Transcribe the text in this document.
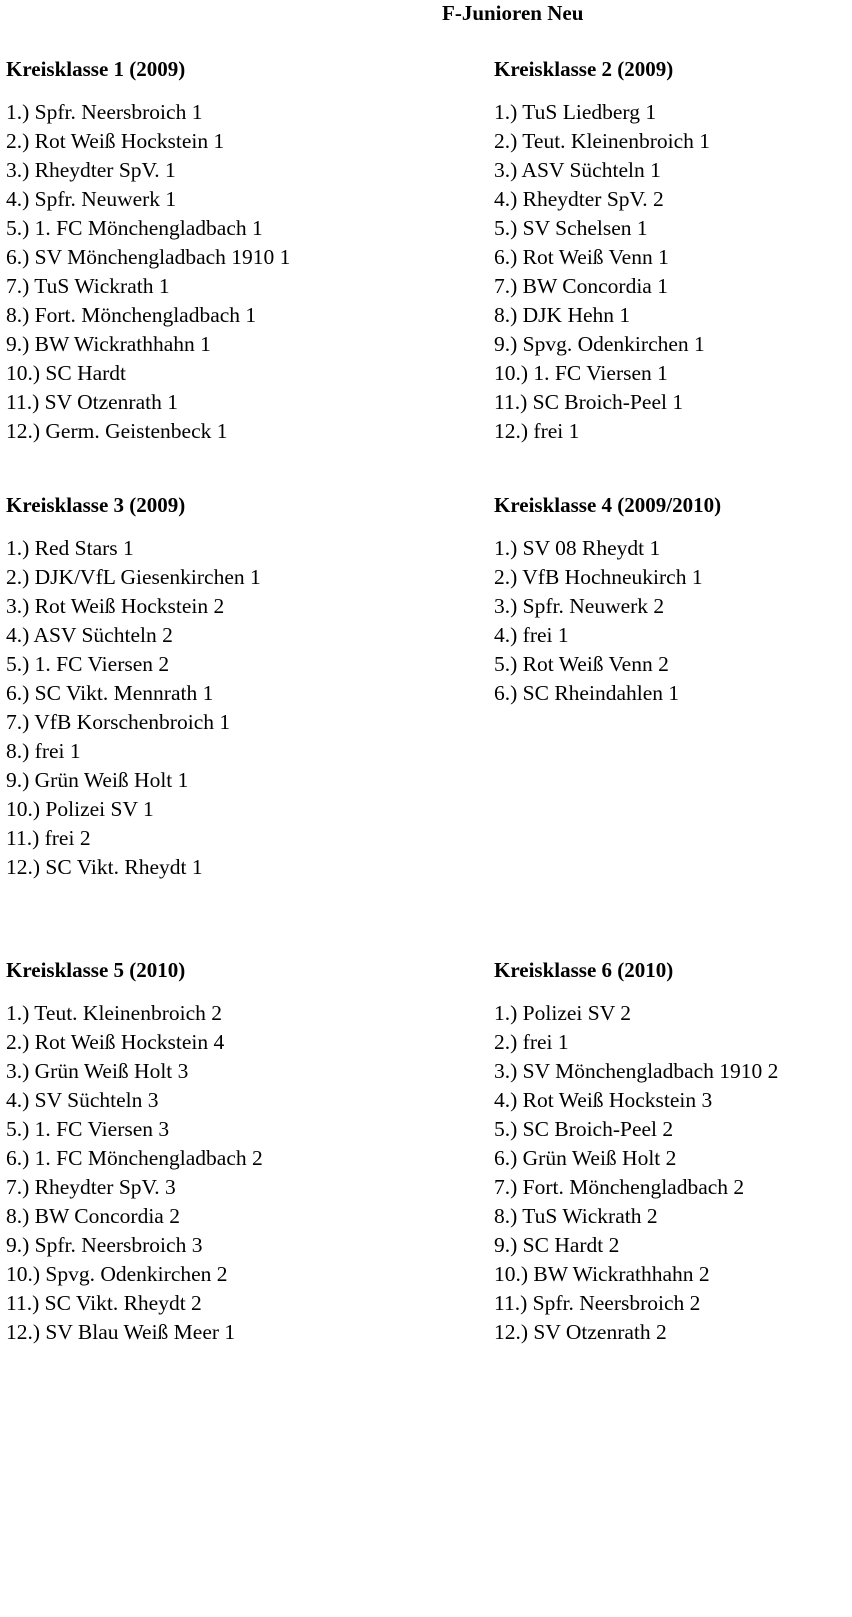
F-Junioren Neu
Kreisklasse 1 (2009)
1.) Spfr. Neersbroich 1
2.) Rot Weiß Hockstein 1
3.) Rheydter SpV. 1
4.) Spfr. Neuwerk 1
5.) 1. FC Mönchengladbach 1
6.) SV Mönchengladbach 1910 1
7.) TuS Wickrath 1
8.) Fort. Mönchengladbach 1
9.) BW Wickrathhahn 1
10.) SC Hardt
11.) SV Otzenrath 1
12.) Germ. Geistenbeck 1
Kreisklasse 2 (2009)
1.) TuS Liedberg 1
2.) Teut. Kleinenbroich 1
3.) ASV Süchteln 1
4.) Rheydter SpV. 2
5.) SV Schelsen 1
6.) Rot Weiß Venn 1
7.) BW Concordia 1
8.) DJK Hehn 1
9.) Spvg. Odenkirchen 1
10.) 1. FC Viersen 1
11.) SC Broich-Peel 1
12.) frei 1
Kreisklasse 3 (2009)
1.) Red Stars 1
2.) DJK/VfL Giesenkirchen 1
3.) Rot Weiß Hockstein 2
4.) ASV Süchteln 2
5.) 1. FC Viersen 2
6.) SC Vikt. Mennrath 1
7.) VfB Korschenbroich 1
8.) frei 1
9.) Grün Weiß Holt 1
10.) Polizei SV 1
11.) frei 2
12.) SC Vikt. Rheydt 1
Kreisklasse 4 (2009/2010)
1.) SV 08 Rheydt 1
2.) VfB Hochneukirch 1
3.) Spfr. Neuwerk 2
4.) frei 1
5.) Rot Weiß Venn 2
6.) SC Rheindahlen 1
Kreisklasse 5 (2010)
1.) Teut. Kleinenbroich 2
2.) Rot Weiß Hockstein 4
3.) Grün Weiß Holt 3
4.) SV Süchteln 3
5.) 1. FC Viersen 3
6.) 1. FC Mönchengladbach 2
7.) Rheydter SpV. 3
8.) BW Concordia 2
9.) Spfr. Neersbroich 3
10.) Spvg. Odenkirchen 2
11.) SC Vikt. Rheydt 2
12.) SV Blau Weiß Meer 1
Kreisklasse 6 (2010)
1.) Polizei SV 2
2.) frei 1
3.) SV Mönchengladbach 1910 2
4.) Rot Weiß Hockstein 3
5.) SC Broich-Peel 2
6.) Grün Weiß Holt 2
7.) Fort. Mönchengladbach 2
8.) TuS Wickrath 2
9.) SC Hardt 2
10.) BW Wickrathhahn 2
11.) Spfr. Neersbroich 2
12.) SV Otzenrath 2
